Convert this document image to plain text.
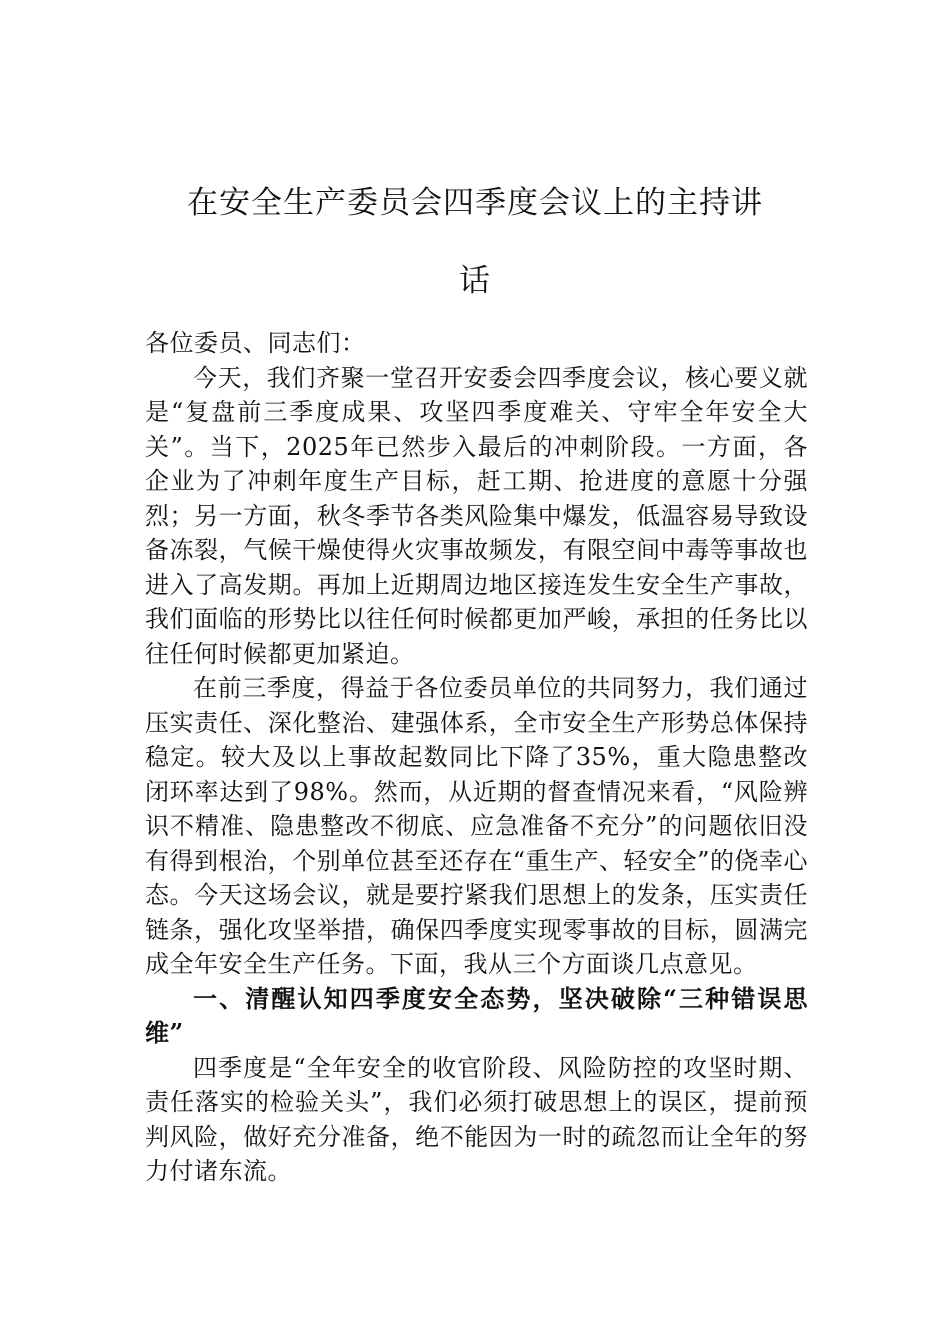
在安全生产委员会四季度会议上的主持讲
话

各位委员、同志们：

今天，我们齐聚一堂召开安委会四季度会议，核心要义就是“复盘前三季度成果、攻坚四季度难关、守牢全年安全大关”。当下，2025年已然步入最后的冲刺阶段。一方面，各企业为了冲刺年度生产目标，赶工期、抢进度的意愿十分强烈；另一方面，秋冬季节各类风险集中爆发，低温容易导致设备冻裂，气候干燥使得火灾事故频发，有限空间中毒等事故也进入了高发期。再加上近期周边地区接连发生安全生产事故，我们面临的形势比以往任何时候都更加严峻，承担的任务比以往任何时候都更加紧迫。

在前三季度，得益于各位委员单位的共同努力，我们通过压实责任、深化整治、建强体系，全市安全生产形势总体保持稳定。较大及以上事故起数同比下降了35%，重大隐患整改闭环率达到了98%。然而，从近期的督查情况来看，“风险辨识不精准、隐患整改不彻底、应急准备不充分”的问题依旧没有得到根治，个别单位甚至还存在“重生产、轻安全”的侥幸心态。今天这场会议，就是要拧紧我们思想上的发条，压实责任链条，强化攻坚举措，确保四季度实现零事故的目标，圆满完成全年安全生产任务。下面，我从三个方面谈几点意见。

一、清醒认知四季度安全态势，坚决破除“三种错误思维”

四季度是“全年安全的收官阶段、风险防控的攻坚时期、责任落实的检验关头”，我们必须打破思想上的误区，提前预判风险，做好充分准备，绝不能因为一时的疏忽而让全年的努力付诸东流。
